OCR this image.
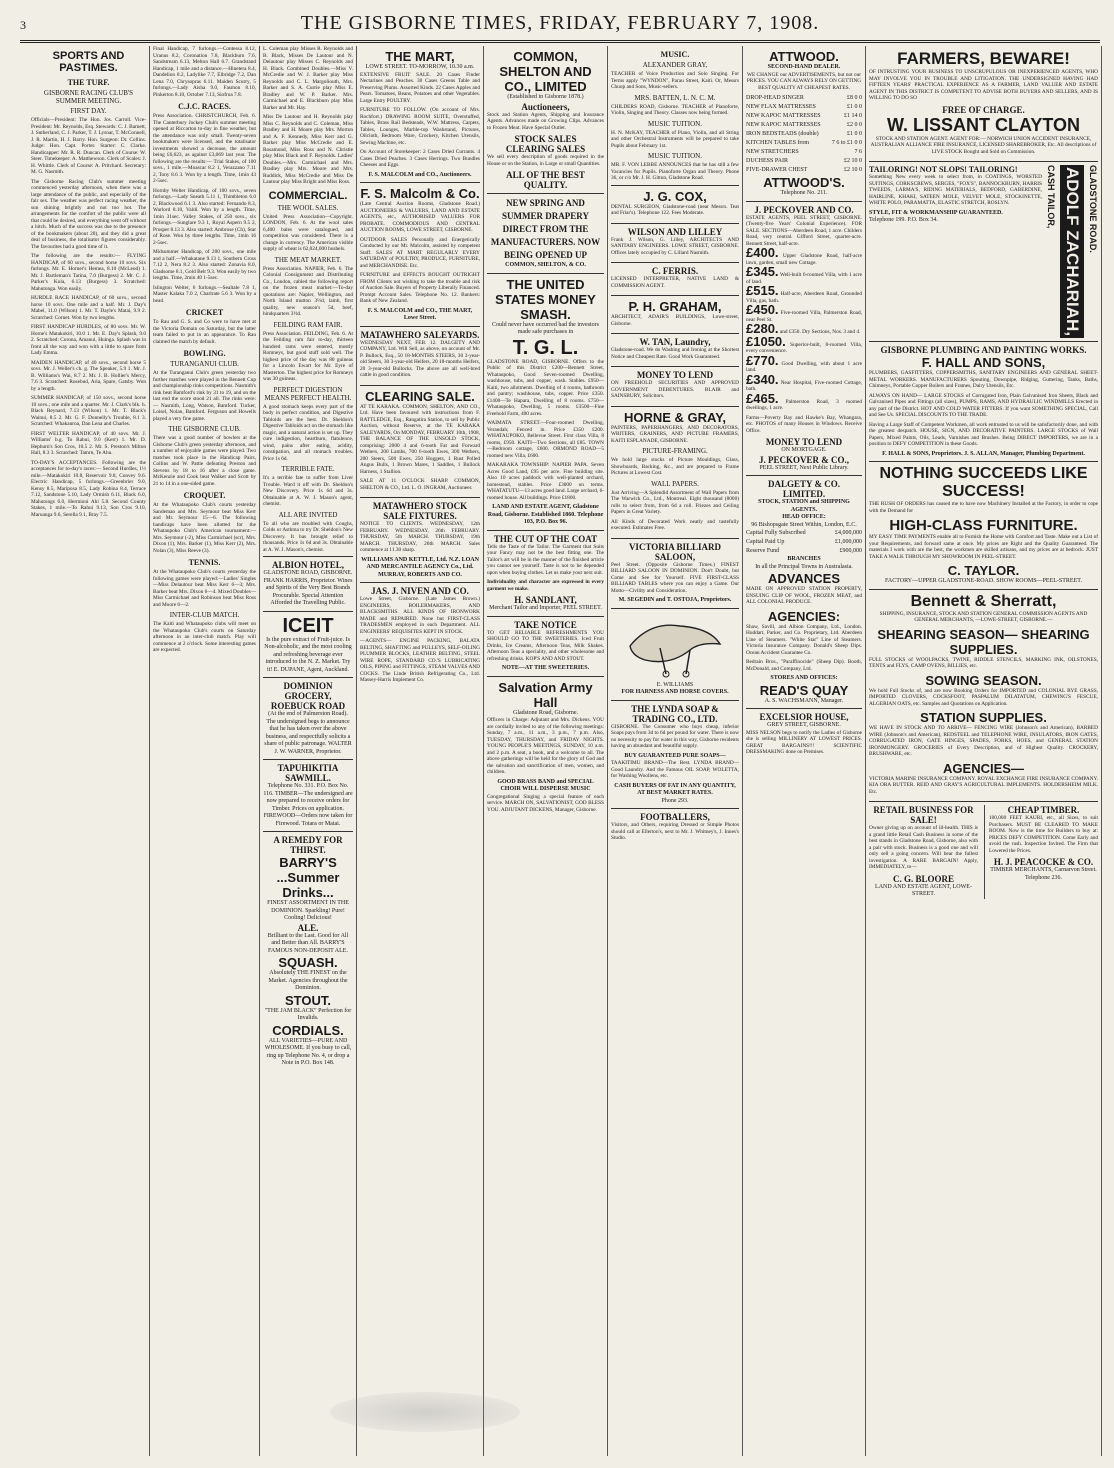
3	THE GISBORNE TIMES, FRIDAY, FEBRUARY 7, 1908.
SPORTS AND PASTIMES.
THE TURF.
GISBORNE RACING CLUB'S SUMMER MEETING.
FIRST DAY.

Officials—President: The Hon. Jos. Carroll. Vice-President: Mr. Reynolds, Esq. Stewards: C. J. Barnett, J. Sutherland, C. J. Parker, T. J. Lysnar, T. McConnell, J. R. Martin, H. J. Barry. Hon. Surgeon: Dr. Collins. Judge: Hon. Capt. Porter. Starter: C. Clarke. Handicapper: Mr. R. R. Duncan. Clerk of Course: W. Steer. Timekeeper: A. Matthewson. Clerk of Scales: J. H. Whittle. Clerk of Course: A. Pritchard. Secretary: M. G. Nasmith.

The Gisborne Racing Club's summer meeting commenced yesterday afternoon, when there was a large attendance of the public, and especially of the fair sex. The weather was perfect racing weather, the sun shining brightly and not too hot. The arrangements for the comfort of the public were all that could be desired, and everything went off without a hitch. Much of the success was due to the presence of the bookmakers (about 20), and they did a great deal of business, the totalisator figures considerably. The favourites had a good time of it.

The following are the results:— FLYING HANDICAP, of 60 sovs., second horse 10 sovs. Six furlongs. Mr. E. Horner's Hemea, 8.10 (McLeod) 1. Mr. J. Bartleman's Tarina, 7.0 (Burgess) 2. Mr. C. J. Parker's Kola, 6.13 (Burgess) 3. Scratched: Mahutonga. Won easily.

HURDLE RACE HANDICAP, of 60 sovs., second horse 10 sovs. One mile and a half. Mr. J. Day's Mabel, 11.0 (Wilson) 1. Mr. T. Dayle's Matai, 9.9 2. Scratched: Cornet. Won by two lengths.

FIRST HANDICAP HURDLES, of 80 sovs. Mr. W. Horne's Matakokiri, 10.0 1. Mr. E. Day's Splash, 9.0 2. Scratched: Corona, Amanui, Huinga. Splash was in front all the way and won with a little to spare from Lady Emma.

MAIDEN HANDICAP, of 40 sovs., second horse 5 sovs. Mr. J. Weller's ch. g. The Speaker, 5.9 1. Mr. J. B. Williams's Wai, 8.7 2. Mr. J. B. Hollier's Mercy, 7.6 3. Scratched: Rosebud, Aria, Spare, Gatsby. Won by a length.

SUMMER HANDICAP, of 150 sovs., second horse 10 sovs.; one mile and a quarter. Mr. J. Clark's blk. h. Black Reynard, 7.13 (Wilson) 1. Mr. T. Black's Wainui, 8.5 2. Mr. G. F. Donnelly's Trouble, 8.1 3. Scratched: Whakauroa, Dan Lena and Charles.

FIRST WELTER HANDICAP, of 40 sovs. Mr. J. Williams' b.g. To Rahui, 9.0 (Kerr) 1. Mr. D. Hephurn's Son Cros, 10.5 2. Mr. S. Preston's Milton Hall, 8.3 3. Scratched: Tamrn, Te Ahu.

TO-DAY'S ACCEPTANCES. Following are the acceptances for to-day's races:— Second Hurdles, 1½ mile.—Matakokiri 10.8, Reservoir 9.8, Convey 9.6. Electric Handicap, 5 furlongs.—Greenbrier 9.0, Kensy 8.5, Mariposa 8.5, Lady Robina 8.4, Terrace 7.12, Sandstone 5.10, Lady Ormish 6.11, Black 6.0, Mahutongs 6.0, Hermioni Ahi 5.8. Second County Stakes, 1 mile.—To Rahui 9.13, Son Cros 9.10, Maruanga 9.6, Serella 9.1, Bray 7.5.

Final Handicap, 7 furlongs.—Contessa 8.12, Uranus 8.2, Coronation 7.8, Blackburn 7.6, Sandstream 6.13, Melton Hall 6.7. Grandstand Handicap, 1 mile and a distance.—Hinetera 8.4, Dandelion 8.2, Ladylike 7.7, Elbridge 7.2, Dan Lena 7.0, Chrysopras 6.11. Maiden Scurry, 5 furlongs.—Lady Aisha 9.0, Fasmon 8.10, Pinkerton 8.10, October 7.13, Siofroa 7.8.

C.J.C. RACES.

Press Association. CHRISTCHURCH, Feb. 6. The Canterbury Jockey Club's summer meeting opened at Riccarton to-day in fine weather, but the attendance was only small. Twenty-seven bookmakers were licensed, and the totalisator investments showed a decrease, the amount being £6,623, as against £3,069 last year. The following are the results:— Trial Stakes, of 100 sovs., 1 mile.—Moascar 8.2 1, Verazzano 7.11 2, Tony 8.6 3. Won by a length. Time, 1min 43 2-5sec.

Hornby Welter Handicap, of 100 sovs., seven furlongs.—Lady Sneath 5.11 1, Thimbleton 6.0 2, Blackwood 6.1 3. Also started: Fernando 8.3, Warlord 8.10, Valdi. Won by a length. Time, 1min 31sec. Valley Stakes, of 250 sovs., six furlongs.—Sunglare 9.3 1, Royal Aspern 9.5 2, Prosper 8.13 3. Also started: Ambrose (Ch), Star of Rose. Won by three lengths. Time, 1min 16 2-5sec.

Midsummer Handicap, of 200 sovs., one mile and a half.—Whakatane 9.13 1, Southern Cross 7.12 2, Nera 8.2 3. Also started: Zonavia 8.0, Gladsome 8.1, Gold Belt 9.3. Won easily by two lengths. Time, 2min 40 1-5sec.

Islington Welter, 6 furlongs.—Sealtale 7.8 1, Master Kalaka 7.0 2, Charlrate 5.6 3. Won by a head.

CRICKET

To Rau and G. S. and Co were to have met at the Victoria Domain on Saturday, but the latter team failed to put in an appearance. To Rau claimed the match by default.

BOWLING.
TURANGANUI CLUB.

At the Turanganui Club's green yesterday two further matches were played in the Bennett Cup and championship rinks competitions. Nasmith's rink beat Bamford's rink by 31 to 19, and on the last end the score stood 21 all. The rinks were:— Nasmith, Long, Watson, Bamford. Tucker, Loisel, Nolan, Bamford. Ferguson and Howells played a very fine game.

THE GISBORNE CLUB.

There was a good number of bowlers at the Gisborne Club's green yesterday afternoon, and a number of enjoyable games were played. Two matches took place in the Handicap Pairs, Collins and W. Pattie defeating Preston and Stevens by 18 to 16 after a close game. McKenzie and Cook beat Walker and Scott by 21 to 14 in a one-sided game.

CROQUET.

At the Whataupoko Club's courts yesterday Sandeman and Mrs. Seymour beat Miss Kerr and Mr. Seymour 15—6. The following handicaps have been allotted for the Whataupoko Club's American tournament:—Mrs. Seymour (-2), Miss Carmichael (scr), Mrs. Dixon (1), Mrs. Barker (1), Miss Kerr (2), Mrs. Nolan (3), Miss Reeve (3).

TENNIS.

At the Whataupoko Club's courts yesterday the following games were played:—Ladies' Singles—Miss Delautour beat Miss Kerr 6—3; Mrs. Barker beat Mrs. Dixon 6—4. Mixed Doubles—Miss Carmichael and Robinson beat Miss Ross and Moore 6—2.

INTER-CLUB MATCH.

The Kaiti and Whataupoko clubs will meet on the Whataupoko Club's courts on Saturday afternoon in an inter-club match. Play will commence at 2 o'clock. Some interesting games are expected.

L. Coleman play Misses R. Reynolds and B. Black, Misses De Lautour and N. Delautour play Misses C. Reynolds and H. Black. Combined Doubles.—Miss V. McCredie and W. J. Barker play Miss Reynolds and C. L. Margoliouth, Mrs. Barker and S. A. Currie play Miss E. Bradley and W. P. Barker. Mrs. Carmichael and E. Blackburn play Miss Barker and Mr. Hay.

Miss De Lautour and H. Reynolds play Miss C. Reynolds and C. Coleman, Miss Bradley and H. Moore play Mrs. Morton and A. F. Kennedy, Miss Kerr and G. Barker play Miss McCredie and E. Rosamond, Miss Ross and N. Christie play Miss Black and F. Reynolds. Ladies' Doubles.—Mrs. Carmichael and Mrs. Bradley play Mrs. Moore and Mrs. Ruddick, Miss McCredie and Miss De Lautour play Miss Bright and Miss Ross.

COMMERCIAL.
THE WOOL SALES.

United Press Association—Copyright. LONDON, Feb. 6. At the wool sales 6,400 bales were catalogued, and competition was considered. There is a change in currency. The American visible supply of wheat is 62,024,000 bushels.

THE MEAT MARKET.

Press Association. NAPIER, Feb. 6. The Colonial Consignment and Distributing Co., London, cabled the following report on the frozen meat market:—To-day quotations are: Napier, Wellington, and North Island mutton 3½d, lamb, first quality, new season's 5d, beef, hindquarters 3½d.

FEILDING RAM FAIR.

Press Association. FEILDING, Feb. 6. At the Feilding ram fair to-day, thirteen hundred rams were entered, mostly Romneys, but good stuff sold well. The highest price of the day was 80 guineas for a Lincoln Ewart for Mr. Eyre of Masterton. The highest price for Romneys was 30 guineas.

PERFECT DIGESTION MEANS PERFECT HEALTH.

A good stomach keeps every part of the body in perfect condition, and Digestive Tabloids are the best. Dr. Sheldon's Digestive Tabloids act on the stomach like magic, and a natural action is set up. They cure indigestion, heartburn, flatulence, wind, pains after eating, acidity, constipation, and all stomach troubles. Price 1s 6d.

TERRIBLE FATE.

It's a terrible fate to suffer from Liver Trouble. Ward it off with Dr. Sheldon's New Discovery. Price 1s 6d and 3s. Obtainable at A. W. J. Mason's agent, chemist.

ALL ARE INVITED

To all who are troubled with Coughs, Colds or Asthma to try Dr. Sheldon's New Discovery. It has brought relief to thousands. Price 1s 6d and 3s. Obtainable at A. W. J. Mason's, chemist.

ALBION HOTEL,
GLADSTONE ROAD, GISBORNE. FRANK HARRIS, Proprietor. Wines and Spirits of the Very Best Brands Procurable. Special Attention Afforded the Travelling Public.
ICEIT
Is the pure extract of Fruit-juice. Is Non-alcoholic, and the most cooling and refreshing beverage ever introduced to the N. Z. Market. Try it! E. DUPANE, Agent, Auckland.
DOMINION GROCERY, ROEBUCK ROAD
(At the end of Palmerston Road). The undersigned begs to announce that he has taken over the above business, and respectfully solicits a share of public patronage. WALTER J. W. WARNER, Proprietor.
TAPUHIKITIA SAWMILL.
Telephone No. 331. P.O. Box No. 116. TIMBER—The undersigned are now prepared to receive orders for Timber. Prices on application. FIREWOOD—Orders now taken for Firewood. Totara or Matai.
A REMEDY FOR THIRST.
BARRY'S ...Summer Drinks...
FINEST ASSORTMENT IN THE DOMINION. Sparkling! Pure! Cooling! Delicious!
ALE.
Brilliant to the Last. Good for All and Better than All. BARRY'S FAMOUS NON-DEPOSIT ALE.
SQUASH.
Absolutely THE FINEST on the Market. Agencies throughout the Dominion.
STOUT.
"THE JAM BLACK" Perfection for Invalids.
CORDIALS.
ALL VARIETIES—PURE AND WHOLESOME. If you busy to call, ring up Telephone No. 4, or drop a Note in P.O. Box 148.
THE MART,
LOWE STREET. TO-MORROW, 10.30 a.m.

EXTENSIVE FRUIT SALE. 20 Cases Finder Nectarines and Peaches. 30 Cases Greens Table and Preserving Plums. Assorted Kinds. 22 Cases Apples and Pears. Tomatoes, Beans, Potatoes and other Vegetables. Large Entry POULTRY.

FURNITURE TO FOLLOW. (On account of Mrs. Rochfort.) DRAWING ROOM SUITE, Overstuffed, Tables, Brass Rail Bedsteads, W.W. Mattress, Carpets, Tables, Lounges, Marble-top Washstand, Pictures, Oilcloth, Bedroom Ware, Crockery, Kitchen Utensils, Sewing Machine, etc.

On Account of Storekeeper: 2 Cases Dried Currants. 4 Cases Dried Peaches. 3 Cases Herrings. Two Bundles Cheeses and Eggs.

F. S. MALCOLM and CO., Auctioneers.
F. S. Malcolm & Co.

(Late Central Auction Rooms, Gladstone Road.) AUCTIONEERS & VALUERS, LAND AND ESTATE AGENTS, etc., AUTHORISED VALUERS FOR PROBATE. COMMODIOUS AND CENTRAL AUCTION ROOMS, LOWE STREET, GISBORNE.

OUTDOOR SALES Personally and Energetically Conducted by our Mr. Malcolm, assisted by competent Staff. SALES AT MART REGULARLY EVERY SATURDAY of POULTRY, PRODUCE, FURNITURE, and MERCHANDISE. Etc.

FURNITURE and EFFECTS BOUGHT OUTRIGHT FROM Clients not wishing to take the trouble and risk of Auction Sale. Buyers of Property Liberally Financed. Prompt Account Sales. Telephone No. 12. Bankers: Bank of New Zealand.

F. S. MALCOLM and CO., THE MART, Lowe Street.
MATAWHERO SALEYARDS.

WEDNESDAY NEXT, FEB. 12. DALGETY AND COMPANY, Ltd. Will Sell, as above, on account of Mr. P. Bullock, Esq., 50 18-MONTHS STEERS, 30 3-year-old Steers, 30 3-year-old Heifers, 20 18-months Heifers, 20 3-year-old Bullocks. The above are all well-bred cattle in good condition.

CLEARING SALE.

AT TE KARAKA. COMMON, SHELTON, AND CO., Ltd. Have been favoured with instructions from F. RATTLEDGE, Esq., Rangatira Station, to sell by Public Auction, without Reserve, at the TE KARAKA SALEYARDS, On MONDAY, FEBRUARY 10th, 1908, THE BALANCE OF THE UNSOLD STOCK, comprising: 2000 4 and 6-tooth Fat and Forward Wethers, 200 Lambs, 700 6-tooth Ewes, 300 Wethers, 200 Steers, 500 Ewes, 250 Hoggets, 1 Rust Polled Angus Bulls, 1 Brown Mares, 1 Saddles, 1 Bullock Harness, 1 Stallion.

SALE AT 11 O'CLOCK SHARP. COMMON, SHELTON & CO., Ltd. L. O. INGRAM, Auctioneer.

MATAWHERO STOCK SALE FIXTURES.

NOTICE TO CLIENTS. WEDNESDAY, 12th FEBRUARY. WEDNESDAY, 26th FEBRUARY. THURSDAY, 5th MARCH. THURSDAY, 19th MARCH. THURSDAY, 26th MARCH. Sales commence at 11.30 sharp.

WILLIAMS AND KETTLE, Ltd. N.Z. LOAN AND MERCANTILE AGENCY Co., Ltd. MURRAY, ROBERTS AND CO.
JAS. J. NIVEN AND CO.

Lowe Street, Gisborne. (Late James Brown.) ENGINEERS, BOILERMAKERS, AND BLACKSMITHS. ALL KINDS OF IRONWORK MADE and REPAIRED. None but FIRST-CLASS TRADESMEN employed in each Department. ALL ENGINEERS' REQUISITES KEPT IN STOCK.

—AGENTS— ENGINE PACKING, BALATA BELTING, SHAFTING and PULLEYS, SELF-OILING PLUMMER BLOCKS, LEATHER BELTING, STEEL WIRE ROPE, STANDARD CO.'S LUBRICATING OILS, PIPING and FITTINGS, STEAM VALVES AND COCKS. The Linde British Refrigerating Co., Ltd. Massey-Harris Implement Co.

COMMON, SHELTON AND CO., LIMITED
(Established in Gisborne 1878.)
Auctioneers,

Stock and Station Agents, Shipping and Insurance Agents. Advances made on Growing Clips. Advances to Frozen Meat. Have Special Outlet.

STOCK SALES
CLEARING SALES

We sell every description of goods required in the House or on the Station, in Large or small Quantities.

ALL OF THE BEST QUALITY.
NEW SPRING AND SUMMER DRAPERY DIRECT FROM THE MANUFACTURERS. NOW BEING OPENED UP
COMMON, SHELTON, & CO.
THE UNITED STATES MONEY SMASH.
Could never have occurred had the investors made safe purchases in
T. G. L.

GLADSTONE ROAD, GISBORNE. Offers to the Public of this District £200—Bennett Street, Whataupoko, Good Seven-roomed Dwelling, washhouse, tubs, and copper, wash. Stables. £950—Kaiti, two allotments. Dwelling of 4 rooms, bathroom and pantry; washhouse, tubs, copper. Price £350. £1400—Te Hapara, Dwelling of 8 rooms. £750—Whataupoko, Dwelling, 5 rooms. £3500—Fine Freehold Farm, 400 acres.

WAIMATA STREET.—Four-roomed Dwelling, Verandah; Fenced in. Price £350 £200. WHATAUPOKO, Bellevue Street. First class Villa, 8 rooms, £950. KAITI—Two Sections, all £85. TOWN—Bedroom cottage, £600. ORMOND ROAD—5 roomed new Villa, £600.

MAKARAKA TOWNSHIP: NAPIER PAPA. Seven Acres Good Land, £95 per acre. Fine building site. Also 10 acres paddock with well-planted orchard, homestead, stables. Price £3000 on terms. WHATATUTU—13 acres good land. Large orchard, 6-roomed house. All buildings. Price £1800.

LAND AND ESTATE AGENT, Gladstone Road, Gisborne. Established 1860. Telephone 103, P.O. Box 96.
THE CUT OF THE COAT

Tells the Taste of the Tailor. The Garment that Suits your Fancy may not be the best fitting one. The Tailor's art will be in the manner of the finished article you cannot see yourself. Taste is not to be depended upon when buying clothes. Let us make your next suit.

Individuality and character are expressed in every garment we make.

H. SANDLANT,
Merchant Tailor and Importer, PEEL STREET.
TAKE NOTICE

TO GET RELIABLE REFRESHMENTS YOU SHOULD GO TO THE SWEETERIES. Iced Fruit Drinks, Ice Creams, Afternoon Teas, Milk Shakes. Afternoon Teas a speciality, and other wholesome and refreshing drinks. KOP'S AND AND STOUT.

NOTE—AT THE SWEETERIES.
Salvation Army Hall
Gladstone Road, Gisborne.

Officers in Charge: Adjutant and Mrs. Dickens. YOU are cordially invited to any of the following meetings: Sunday, 7 a.m., 11 a.m., 3 p.m., 7 p.m. Also, TUESDAY, THURSDAY, and FRIDAY NIGHTS. YOUNG PEOPLE'S MEETINGS, SUNDAY, 10 a.m. and 2 p.m. A seat, a book, and a welcome to all. The above gatherings will be held for the glory of God and the salvation and sanctification of men, women, and children.

GOOD BRASS BAND and SPECIAL CHOIR WILL DISPERSE MUSIC

Congregational Singing a special feature of each service. MARCH ON, SALVATIONIST, GOD BLESS YOU. ADJUTANT DICKENS, Manager, Gisborne.

MUSIC.
ALEXANDER GRAY,

TEACHER of Voice Production and Solo Singing. For Terms apply "WYNDON", Parau Street, Kaiti. Or, Messrs Chuop and Sons, Music-sellers.

MRS. BATTEN, L. N. C. M.

CHILDERS ROAD, Gisborne. TEACHER of Pianoforte, Violin, Singing and Theory. Classes now being formed.

MUSIC TUITION.

H. N. McKAY, TEACHER of Piano, Violin, and all String and other Orchestral Instruments will be prepared to take Pupils about February 1st.

MUSIC TUITION.

MR. F. VON LEBBE ANNOUNCES that he has still a few Vacancies for Pupils. Pianoforte Organ and Theory. Phone 36, or c/o Mr. J. H. Gitton, Gladstone Road.

J. G. COX,

DENTAL SURGEON, Gladstone-road (near Messrs. Teat and Friar's). Telephone 122. Fees Moderate.

WILSON AND LILLEY

Frank J. Wilson, G. Lilley, ARCHITECTS AND SANITARY ENGINEERS. LOWE STREET, GISBORNE. Offices lately occupied by C. Lillard Nasmith.

C. FERRIS.

LICENSED INTERPRETER, NATIVE LAND & COMMISSION AGENT.

P. H. GRAHAM,

ARCHITECT, ADAIR'S BUILDINGS, Lowe-street, Gisborne.

W. TAN, Laundry,

Gladstone-road. We do Washing and Ironing at the Shortest Notice and Cheapest Rate. Good Work Guaranteed.

MONEY TO LEND

ON FREEHOLD SECURITIES AND APPROVED GOVERNMENT DEBENTURES. BLAIR and SAINSBURY, Solicitors.

HORNE & GRAY,

PAINTERS, PAPERHANGERS, AND DECORATORS, WRITERS, GRAINERS, AND PICTURE FRAMERS, KAITI ESPLANADE, GISBORNE.

PICTURE-FRAMING.

We hold large stocks of Picture Mouldings, Glass, Showboards, Backing, &c., and are prepared to Frame Pictures at Lowest Cost.

WALL PAPERS.

Just Arriving—A Splendid Assortment of Wall Papers from The Warwick Co., Ltd., Montreal. Eight thousand (8000) rolls to select from, from 6d a roll. Friezes and Ceiling Papers in Great Variety.

All Kinds of Decorated Work neatly and tastefully executed. Estimates Free.

VICTORIA BILLIARD SALOON,

Peel Street. (Opposite Gisborne Times.) FINEST BILLIARD SALOON IN DOMINION. Don't Doubt, but Come and See for Yourself. FIVE FIRST-CLASS BILLIARD TABLES where you can enjoy a Game. Our Motto—Civility and Consideration.

M. SEGEDIN and T. OSTOJA, Proprietors.
E. WILLIAMS
FOR HARNESS AND HORSE COVERS.
THE LYNDA SOAP & TRADING CO., LTD.

GISBORNE. The Consumer who buys cheap, inferior Soaps pays from 3d to 6d per pound for water. There is now no necessity to pay for water in this way, Gisborne residents having an abundant and beautiful supply.

BUY GUARANTEED PURE SOAPS—

TAAKITIMU BRAND—The Best. LYNDA BRAND—Good Laundry. And the Famous OIL SOAP, WOLETTA, for Washing Woollens, etc.

CASH BUYERS OF FAT IN ANY QUANTITY, AT BEST MARKET RATES.
Phone 293.
FOOTBALLERS,

Visitors, and Others, requiring Dressed or Simple Photos should call at Ellerton's, next to Mr. J. Whitney's, J. Innes's Studio.

ATTWOOD.
SECOND-HAND DEALER.

WE CHANGE our ADVERTISEMENTS, but not our PRICES. YOU CAN ALWAYS RELY ON GETTING BEST QUALITY AT CHEAPEST RATES.

DROP-HEAD SINGER	£8 0 0
NEW FLAX MATTRESSES	£1 0 0
NEW KAPOC MATTRESSES	£1 14 0
NEW KAPOC MATTRESSES	£2 0 0
IRON BEDSTEADS (double)	£1 0 0
KITCHEN TABLES from	7 6 to £1 0 0
NEW STRETCHERS	7 6
DUCHESS PAIR	£2 10 0
FIVE-DRAWER CHEST	£2 10 0
ATTWOOD'S.
Telephone No. 211.
J. PECKOVER AND CO.

ESTATE AGENTS, PEEL STREET, GISBORNE. (Twenty-five Years' Colonial Experience). FOR SALE. SECTIONS—Aberdeen Road, 1 acre. Childers Road, very central. Gifford Street, quarter-acre. Bennett Street, half-acre.

£400. Upper Gladstone Road, half-acre lawn, garden, small new Cottage.

£345. Well-built 6-roomed Villa, with 1 acre of land.

£515. Half-acre, Aberdeen Road, Grounded Villa, gas, bath.

£450. Five-roomed Villa, Palmerston Road, near Peel St.

£280. and £350. Dry Sections, Nos. 3 and 4.

£1050. Superior-built, 8-roomed Villa, every convenience.

£770. Good Dwelling, with about 1 acre land.

£340. Near Hospital, Five-roomed Cottage, bath.

£465. Palmerston Road, 3 roomed dwellings, 1 acre.

Farms—Poverty Bay and Hawke's Bay, Whangara, etc. PHOTOS of many Houses in Windows. Receive Office.

MONEY TO LEND
ON MORTGAGE.
J. PECKOVER & CO.,
PEEL STREET, Next Public Library.
DALGETY & CO. LIMITED.
STOCK, STATION and SHIPPING AGENTS.
HEAD OFFICE:
96 Bishopsgate Street Within, London, E.C.
Capital Fully Subscribed	£4,000,000
Capital Paid Up	£1,000,000
Reserve Fund	£900,000
BRANCHES
In all the Principal Towns in Australasia.
ADVANCES

MADE ON APPROVED STATION PROPERTY, ENSUING CLIP OF WOOL, FROZEN MEAT, and ALL COLONIAL PRODUCE.

AGENCIES:

Shaw, Savill, and Albion Company, Ltd., London. Huddart, Parker, and Co. Proprietary, Ltd. Aberdeen Line of Steamers. "White Star" Line of Steamers. Victoria Insurance Company. Donald's Sheep Dips. Ocean Accident Guarantee Co.

Bedrain Bros., "Paraffinocide" (Sheep Dip). Booth, McDonald, and Company, Ltd.

STORES AND OFFICES:
READ'S QUAY
A. S. WACHSMANN, Manager.
EXCELSIOR HOUSE,
GREY STREET, GISBORNE.

MISS NELSON begs to notify the Ladies of Gisborne she is selling MILLINERY AT LOWEST PRICES. GREAT BARGAINS!!! SCIENTIFIC DRESSMAKING done on Premises.

FARMERS, BEWARE!

OF INTRUSTING YOUR BUSINESS TO UNSCRUPULOUS OR INEXPERIENCED AGENTS, WHO MAY INVOLVE YOU IN TROUBLE AND LITIGATION. THE UNDERSIGNED HAVING HAD FIFTEEN YEARS' PRACTICAL EXPERIENCE AS A FARMER, LAND VALUER AND ESTATE AGENT IN THIS DISTRICT IS COMPETENT TO ADVISE BOTH BUYERS AND SELLERS, AND IS WILLING TO DO SO

FREE OF CHARGE.
W. LISSANT CLAYTON

STOCK AND STATION AGENT. AGENT FOR:— NORWICH UNION ACCIDENT INSURANCE, AUSTRALIAN ALLIANCE FIRE INSURANCE, LICENSED SHAREBROKER, Etc. All descriptions of LIVE STOCK Bought and Sold on Commission.

TAILORING! NOT SLOPS! TAILORING!

Something New every week to select from, in COATINGS, WORSTED SUITINGS, CORKSCREWS, SERGES, "FOX'S", BANNOCKBURN, HARRIS TWEEDS, LARMA'S, RIDING MATERIALS, BEDFORD, GABERDINE, HAIRLINE, KHAKI, SATEEN MOLE, VELVET MOLE, STOCKINETTE, WHITE POLO, PARAMATTA, ELASTIC STRETCH, ROSLYN.

STYLE, FIT & WORKMANSHIP GUARANTEED.
Telephone 199. P.O. Box 34.	CASH TAILOR, ADOLF ZACHARIAH, GLADSTONE ROAD.
GISBORNE PLUMBING AND PAINTING WORKS.
F. HALL AND SONS,

PLUMBERS, GASFITTERS, COPPERSMITHS, SANITARY ENGINEERS AND GENERAL SHEET-METAL WORKERS. MANUFACTURERS Spouting, Downpipe, Ridging, Guttering, Tanks, Baths, Chimneys, Portable Copper Boilers and Frames, Dairy Utensils, Etc.

ALWAYS ON HAND— LARGE STOCKS of Corrugated Iron, Plain Galvanised Iron Sheets, Black and Galvanised Pipes and Fittings (all sizes), PUMPS, RAMS, AND HYDRAULIC WINDMILLS Erected in any part of the District. HOT AND COLD WATER FITTERS. If you want SOMETHING SPECIAL, Call and See Us. SPECIAL DISCOUNTS TO THE TRADE.

Having a Large Staff of Competent Workmen, all work entrusted to us will be satisfactorily done, and with the greatest despatch. HOUSE, SIGN, AND DECORATIVE PAINTERS. LARGE STOCKS of Wall Papers, Mixed Paints, Oils, Leads, Varnishes and Brushes. Being DIRECT IMPORTERS, we are in a position to DEFY COMPETITION in these Goods.

F. HALL & SONS, Proprietors. J. S. ALLAN, Manager, Plumbing Department.
NOTHING SUCCEEDS LIKE SUCCESS!

THE RUSH OF ORDERS has caused me to have now Machinery Installed at the Factory, in order to cope with the Demand for

HIGH-CLASS FURNITURE.

MY EASY TIME PAYMENTS enable all to Furnish the Home with Comfort and Taste. Make out a List of your Requirements, and forward same at once. My prices are Right and the Quality Guaranteed. The materials I work with are the best, the workmen are skilled artisans, and my prices are at bedrock. JUST TAKE A WALK THROUGH MY SHOWROOM IN PEEL-STREET.

C. TAYLOR.
FACTORY—UPPER GLADSTONE-ROAD. SHOW ROOMS—PEEL-STREET.
Bennett & Sherratt,

SHIPPING, INSURANCE, STOCK AND STATION GENERAL COMMISSION AGENTS AND GENERAL MERCHANTS, —LOWE-STREET, GISBORNE.—

SHEARING SEASON— SHEARING SUPPLIES.

FULL STOCKS of WOOLPACKS, TWINE, RIDDLE STENCILS, MARKING INK, OILSTONES, TENTS and FLYS, CAMP OVENS, BILLIES, etc.

SOWING SEASON.

We hold Full Stocks of, and are now Booking Orders for IMPORTED and COLONIAL RYE GRASS, IMPORTED CLOVERS, COCKSFOOT, PASPALUM DILATATUM, CHEWING'S FESCUE, ALGERIAN OATS, etc. Samples and Quotations on Application.

STATION SUPPLIES.

WE HAVE IN STOCK AND TO ARRIVE— FENCING WIRE (Johnson's and American), BARBED WIRE (Johnson's and American), REDSTEEL and TELEPHONE WIRE, INSULATORS, IRON GATES, CORRUGATED IRON, GATE HINGES, SPADES, FORKS, HOES, and GENERAL STATION IRONMONGERY. GROCERIES of Every Description, and of Highest Quality. CROCKERY, BRUSHWARE, etc.

AGENCIES—

VICTORIA MARINE INSURANCE COMPANY. ROYAL EXCHANGE FIRE INSURANCE COMPANY. KIA ORA BUTTER. REID AND GRAY'S AGRICULTURAL IMPLEMENTS. HOLDERSHEIM MILK. Etc.

RETAIL BUSINESS FOR SALE!

Owner giving up on account of ill-health. THIS is a grand little Retail Cash Business in some of the best stands in Gladstone Road, Gisborne, also with a pair with stock. Business is a good one and will only sell a going concern. Will bear the fullest investigation. A RARE BARGAIN! Apply, IMMEDIATELY, to—

C. G. BLOORE
LAND AND ESTATE AGENT, LOWE-STREET.
CHEAP TIMBER.

100,000 FEET KAURI, etc., all Sizes, to suit Purchasers. MUST BE CLEARED TO MAKE ROOM. Now is the time for Builders to buy at: PRICES DEFY COMPETITION. Come Early and avoid the rush. Inspection Invited. The Firm that Lowered the Prices.

H. J. PEACOCKE & CO.
TIMBER MERCHANTS, Carnarvon Street. Telephone 236.
